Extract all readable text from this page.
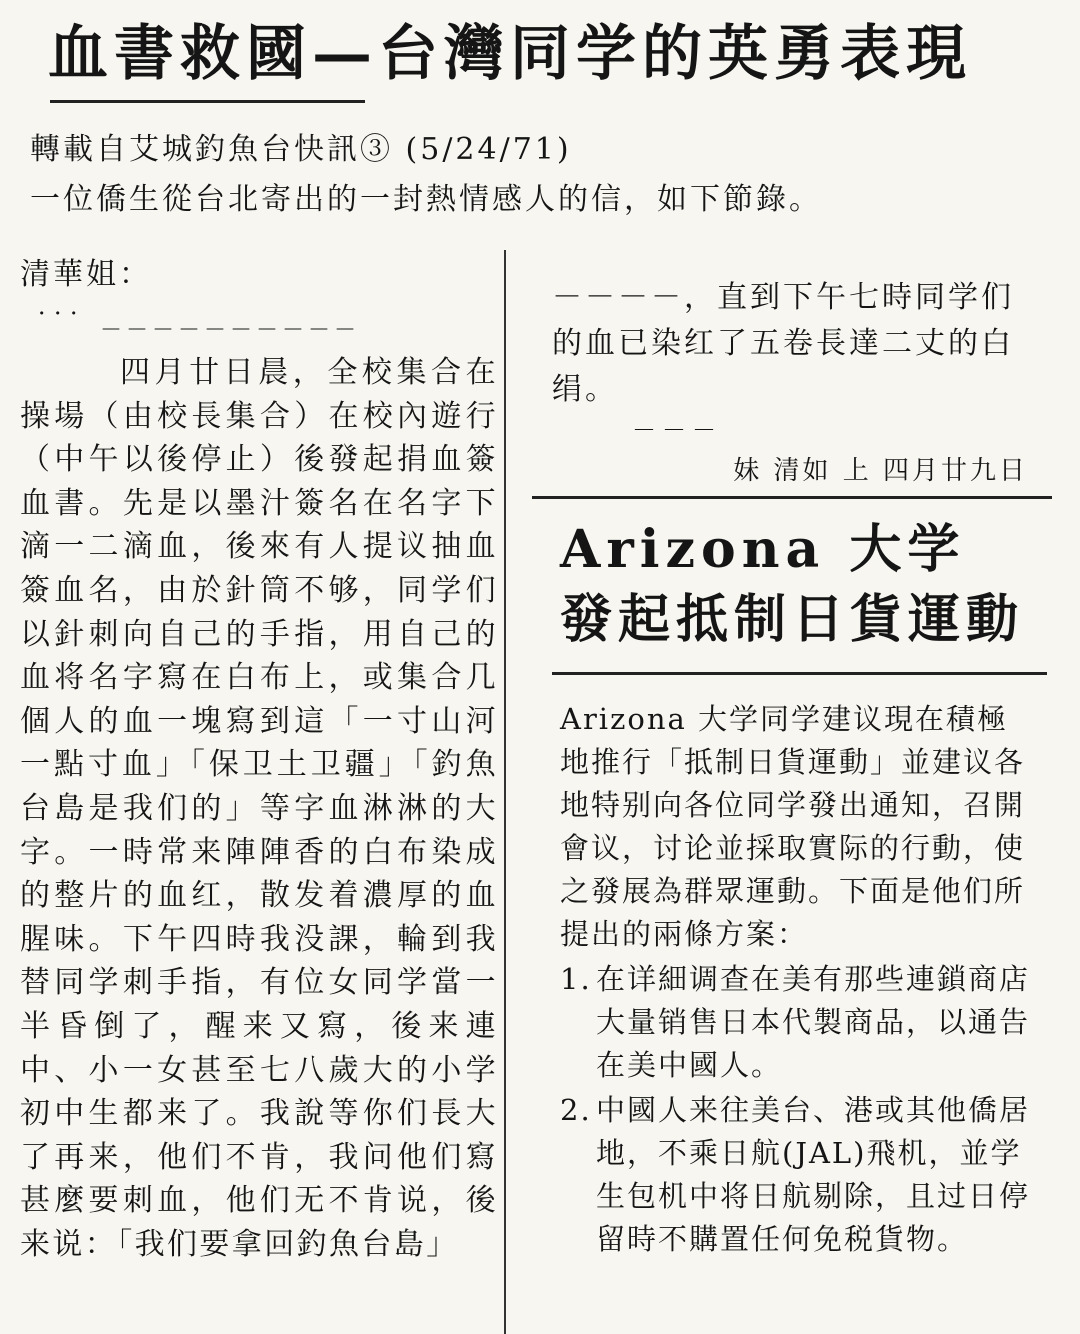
血書救國—台灣同学的英勇表現
轉載自艾城釣魚台快訊③ (5/24/71)
一位僑生從台北寄出的一封熱情感人的信，如下節錄。
清華姐：
．．．
－－－－－－－－－－
四月廿日晨，全校集合在操場（由校長集合）在校內遊行（中午以後停止）後發起捐血簽血書。先是以墨汁簽名在名字下滴一二滴血，後來有人提议抽血簽血名，由於針筒不够，同学们以針刺向自己的手指，用自己的血将名字寫在白布上，或集合几個人的血一塊寫到這「一寸山河一點寸血」「保卫土卫疆」「釣魚台島是我们的」等字血淋淋的大字。一時常来陣陣香的白布染成的整片的血红，散发着濃厚的血腥味。下午四時我没課，輪到我替同学刺手指，有位女同学當一半昏倒了，醒来又寫，後来連中、小一女甚至七八歲大的小学初中生都来了。我說等你们長大了再来，他们不肯，我问他们寫甚麼要刺血，他们无不肯说，後来说：「我们要拿回釣魚台島」
－－－－，直到下午七時同学们的血已染红了五卷長達二丈的白绢。
－－－
妹 清如 上 四月廿九日
Arizona 大学
發起抵制日貨運動
Arizona 大学同学建议現在積極地推行「抵制日貨運動」並建议各地特别向各位同学發出通知，召開會议，讨论並採取實际的行動，使之發展為群眾運動。下面是他们所提出的兩條方案：
1. 在详細调查在美有那些連鎖商店大量销售日本代製商品，以通告在美中國人。
2. 中國人来往美台、港或其他僑居地，不乘日航(JAL)飛机，並学生包机中将日航剔除，且过日停留時不購置任何免税貨物。
